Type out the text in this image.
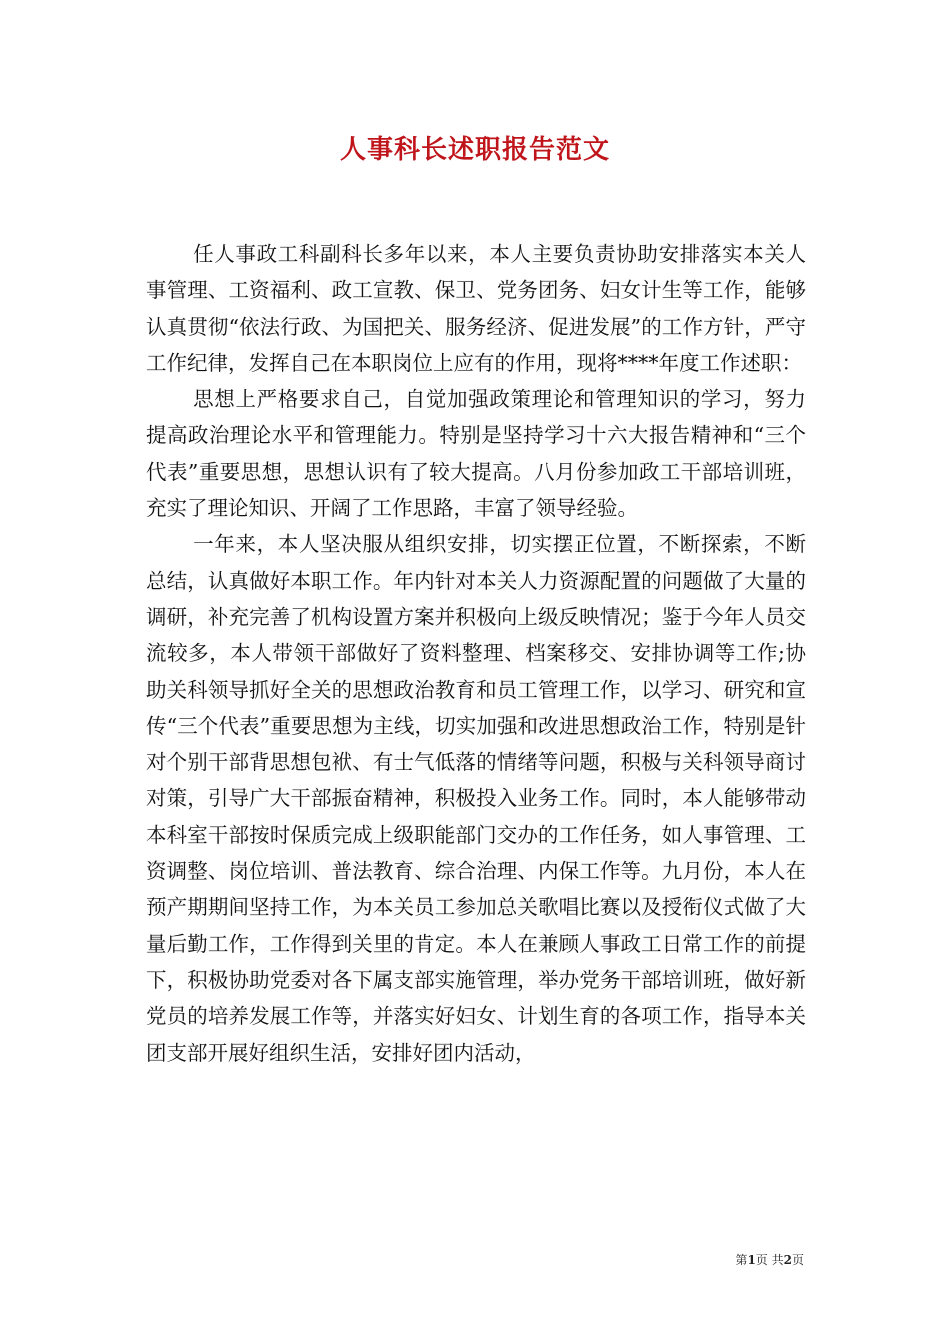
人事科长述职报告范文

任人事政工科副科长多年以来，本人主要负责协助安排落实本关人事管理、工资福利、政工宣教、保卫、党务团务、妇女计生等工作，能够认真贯彻“依法行政、为国把关、服务经济、促进发展”的工作方针，严守工作纪律，发挥自己在本职岗位上应有的作用，现将****年度工作述职：

思想上严格要求自己，自觉加强政策理论和管理知识的学习，努力提高政治理论水平和管理能力。特别是坚持学习十六大报告精神和“三个代表”重要思想，思想认识有了较大提高。八月份参加政工干部培训班，充实了理论知识、开阔了工作思路，丰富了领导经验。

一年来，本人坚决服从组织安排，切实摆正位置，不断探索，不断总结，认真做好本职工作。年内针对本关人力资源配置的问题做了大量的调研，补充完善了机构设置方案并积极向上级反映情况；鉴于今年人员交流较多，本人带领干部做好了资料整理、档案移交、安排协调等工作;协助关科领导抓好全关的思想政治教育和员工管理工作，以学习、研究和宣传“三个代表”重要思想为主线，切实加强和改进思想政治工作，特别是针对个别干部背思想包袱、有士气低落的情绪等问题，积极与关科领导商讨对策，引导广大干部振奋精神，积极投入业务工作。同时，本人能够带动本科室干部按时保质完成上级职能部门交办的工作任务，如人事管理、工资调整、岗位培训、普法教育、综合治理、内保工作等。九月份，本人在预产期期间坚持工作，为本关员工参加总关歌唱比赛以及授衔仪式做了大量后勤工作，工作得到关里的肯定。本人在兼顾人事政工日常工作的前提下，积极协助党委对各下属支部实施管理，举办党务干部培训班，做好新党员的培养发展工作等，并落实好妇女、计划生育的各项工作，指导本关团支部开展好组织生活，安排好团内活动，

第1页 共2页
